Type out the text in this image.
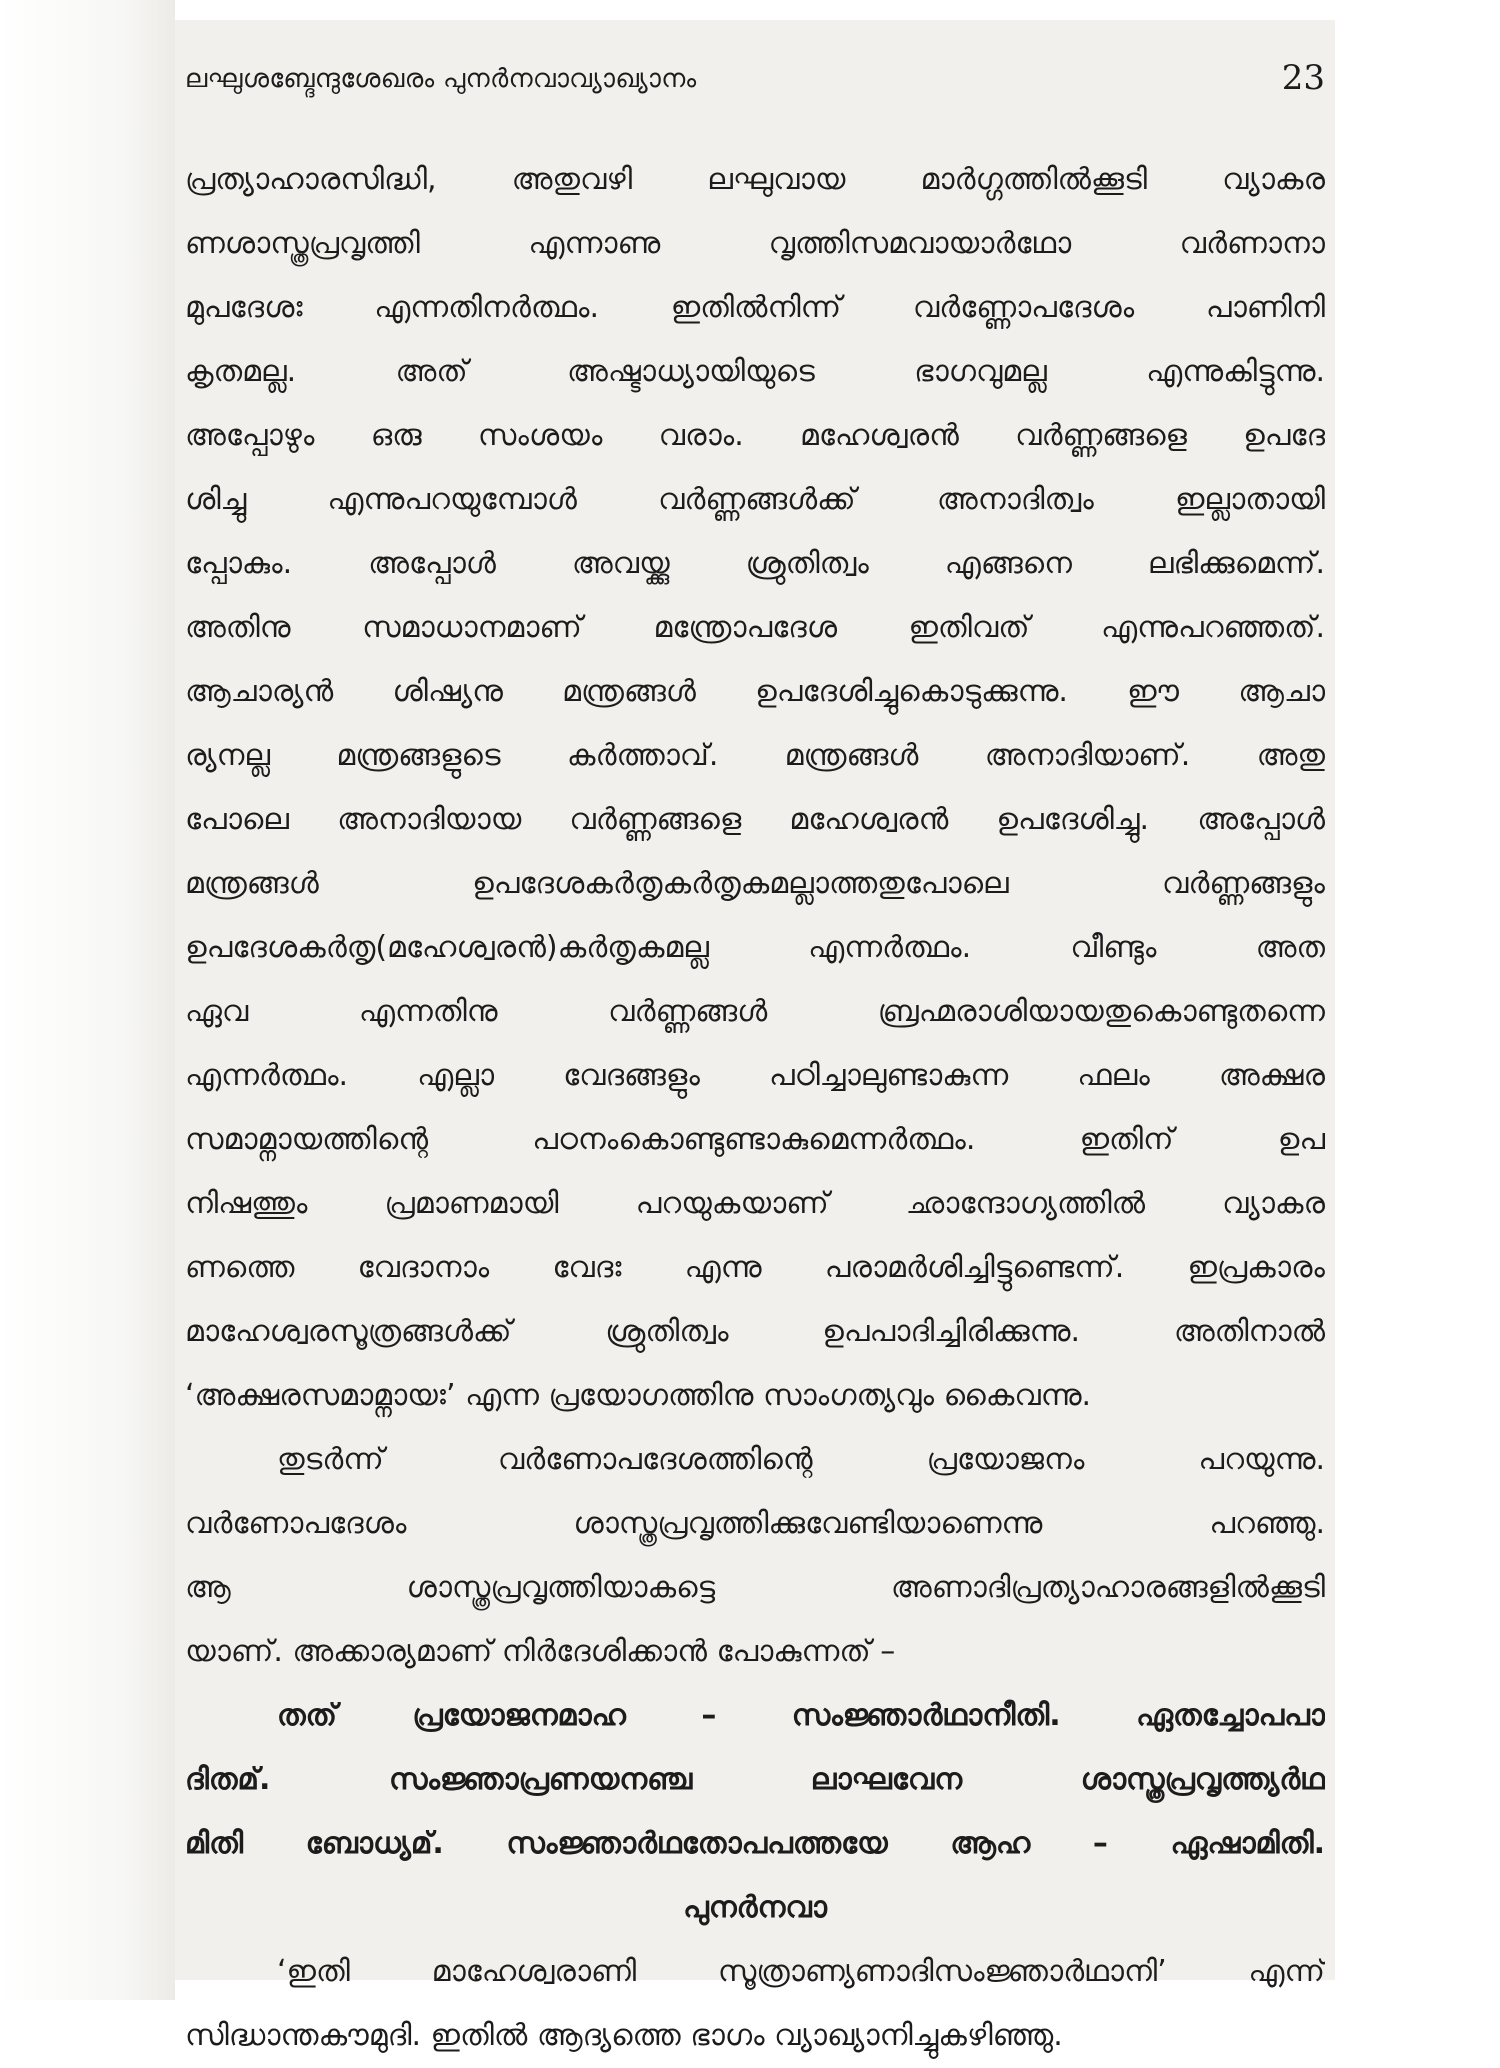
ലഘുശബ്ദേന്ദുശേഖരം പുനർനവാവ്യാഖ്യാനം	23
പ്രത്യാഹാരസിദ്ധി, അതുവഴി ലഘുവായ മാർഗ്ഗത്തിൽക്കൂടി വ്യാകര
ണശാസ്ത്രപ്രവൃത്തി എന്നാണു വൃത്തിസമവായാർഥോ വർണാനാ
മുപദേശഃ എന്നതിനർത്ഥം. ഇതിൽനിന്ന് വർണ്ണോപദേശം പാണിനി
കൃതമല്ല. അത് അഷ്ടാധ്യായിയുടെ ഭാഗവുമല്ല എന്നുകിട്ടുന്നു.
അപ്പോഴും ഒരു സംശയം വരാം. മഹേശ്വരൻ വർണ്ണങ്ങളെ ഉപദേ
ശിച്ചു എന്നുപറയുമ്പോൾ വർണ്ണങ്ങൾക്ക് അനാദിത്വം ഇല്ലാതായി
പ്പോകും. അപ്പോൾ അവയ്ക്കു ശ്രുതിത്വം എങ്ങനെ ലഭിക്കുമെന്ന്.
അതിനു സമാധാനമാണ് മന്ത്രോപദേശ ഇതിവത് എന്നുപറഞ്ഞത്.
ആചാര്യൻ ശിഷ്യനു മന്ത്രങ്ങൾ ഉപദേശിച്ചുകൊടുക്കുന്നു. ഈ ആചാ
ര്യനല്ല മന്ത്രങ്ങളുടെ കർത്താവ്. മന്ത്രങ്ങൾ അനാദിയാണ്. അതു
പോലെ അനാദിയായ വർണ്ണങ്ങളെ മഹേശ്വരൻ ഉപദേശിച്ചു. അപ്പോൾ
മന്ത്രങ്ങൾ ഉപദേശകർതൃകർതൃകമല്ലാത്തതുപോലെ വർണ്ണങ്ങളും
ഉപദേശകർതൃ(മഹേശ്വരൻ)കർതൃകമല്ല എന്നർത്ഥം. വീണ്ടും അത
ഏവ എന്നതിനു വർണ്ണങ്ങൾ ബ്രഹ്മരാശിയായതുകൊണ്ടുതന്നെ
എന്നർത്ഥം. എല്ലാ വേദങ്ങളും പഠിച്ചാലുണ്ടാകുന്ന ഫലം അക്ഷര
സമാമ്നായത്തിന്റെ പഠനംകൊണ്ടുണ്ടാകുമെന്നർത്ഥം. ഇതിന് ഉപ
നിഷത്തും പ്രമാണമായി പറയുകയാണ് ഛാന്ദോഗ്യത്തിൽ വ്യാകര
ണത്തെ വേദാനാം വേദഃ എന്നു പരാമർശിച്ചിട്ടുണ്ടെന്ന്. ഇപ്രകാരം
മാഹേശ്വരസൂത്രങ്ങൾക്ക് ശ്രുതിത്വം ഉപപാദിച്ചിരിക്കുന്നു. അതിനാൽ
‘അക്ഷരസമാമ്നായഃ’ എന്ന പ്രയോഗത്തിനു സാംഗത്യവും കൈവന്നു.
തുടർന്ന് വർണോപദേശത്തിന്റെ പ്രയോജനം പറയുന്നു.
വർണോപദേശം ശാസ്ത്രപ്രവൃത്തിക്കുവേണ്ടിയാണെന്നു പറഞ്ഞു.
ആ ശാസ്ത്രപ്രവൃത്തിയാകട്ടെ അണാദിപ്രത്യാഹാരങ്ങളിൽക്കൂടി
യാണ്. അക്കാര്യമാണ് നിർദേശിക്കാൻ പോകുന്നത് –
തത് പ്രയോജനമാഹ – സംജ്ഞാർഥാനീതി. ഏതച്ചോപപാ
ദിതമ്. സംജ്ഞാപ്രണയനഞ്ച ലാഘവേന ശാസ്ത്രപ്രവൃത്ത്യർഥ
മിതി ബോധ്യമ്. സംജ്ഞാർഥതോപപത്തയേ ആഹ – ഏഷാമിതി.
പുനർനവാ
‘ഇതി മാഹേശ്വരാണി സൂത്രാണ്യണാദിസംജ്ഞാർഥാനി’ എന്ന്
സിദ്ധാന്തകൗമുദി. ഇതിൽ ആദ്യത്തെ ഭാഗം വ്യാഖ്യാനിച്ചുകഴിഞ്ഞു.
